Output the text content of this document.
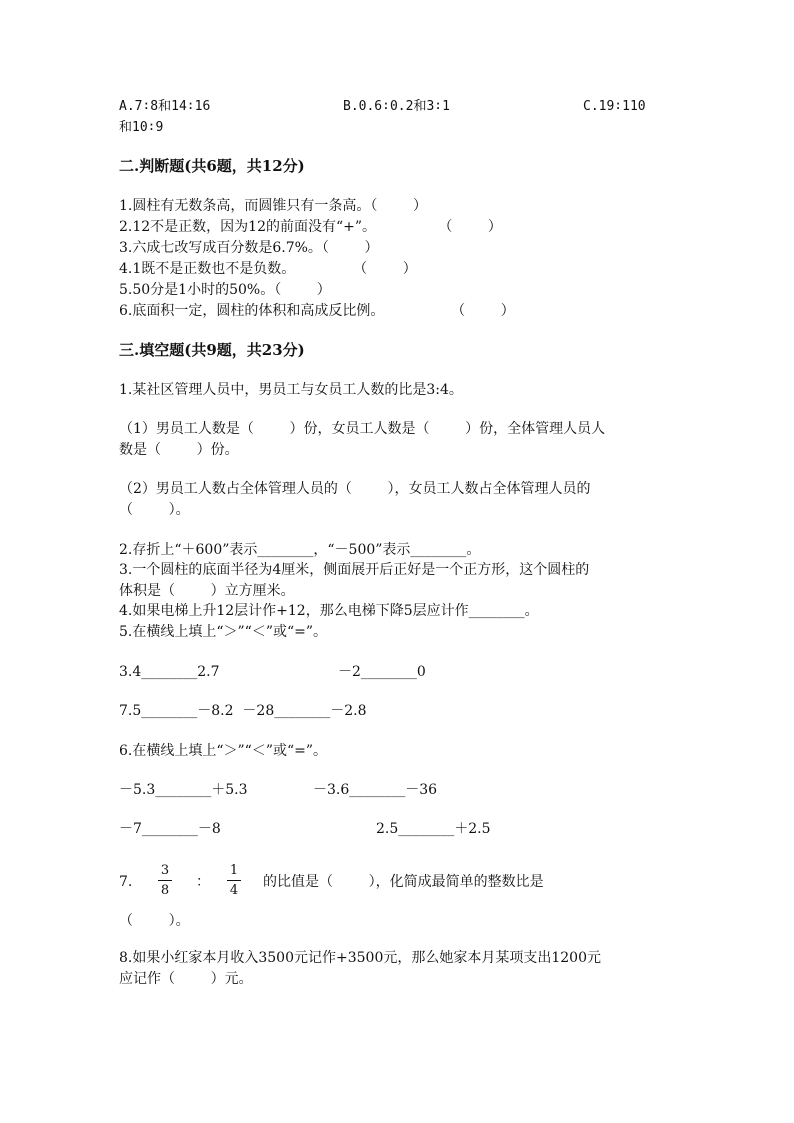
A.7∶8和14∶16	B.0.6∶0.2和3∶1	C.19∶110
和10∶9
二.判断题(共6题，共12分)
1.圆柱有无数条高，而圆锥只有一条高。（        ）
2.12不是正数，因为12的前面没有“+”。              （        ）
3.六成七改写成百分数是6.7%。（        ）
4.1既不是正数也不是负数。             （        ）
5.50分是1小时的50%。（        ）
6.底面积一定，圆柱的体积和高成反比例。               （        ）
三.填空题(共9题，共23分)
1.某社区管理人员中，男员工与女员工人数的比是3:4。
（1）男员工人数是（        ）份，女员工人数是（        ）份，全体管理人员人
数是（        ）份。
（2）男员工人数占全体管理人员的（        ），女员工人数占全体管理人员的
（        ）。
2.存折上“＋600”表示________，“－500”表示________。
3.一个圆柱的底面半径为4厘米，侧面展开后正好是一个正方形，这个圆柱的
体积是（        ）立方厘米。
4.如果电梯上升12层计作+12，那么电梯下降5层应计作________。
5.在横线上填上“＞”“＜”或“=”。
3.4________2.7	－2________0
7.5________－8.2  －28________－2.8
6.在横线上填上“＞”“＜”或“=”。
－5.3________＋5.3	－3.6________－36
－7________－8	2.5________＋2.5
7.
3
8
：
1
4
的比值是（        ），化简成最简单的整数比是
（        ）。
8.如果小红家本月收入3500元记作+3500元，那么她家本月某项支出1200元
应记作（        ）元。
